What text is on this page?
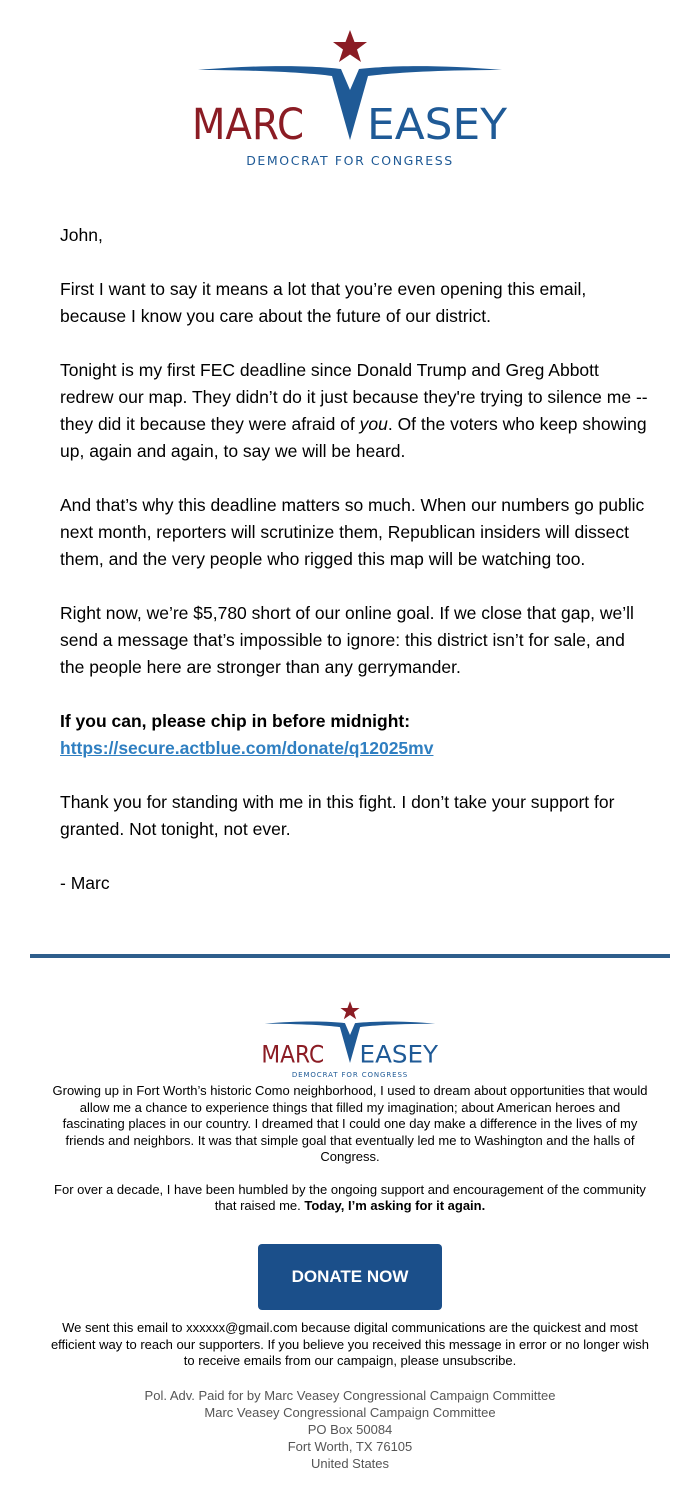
MARC V
EASEY
DEMOCRAT FOR CONGRESS

John,

First I want to say it means a lot that you’re even opening this email, because I know you care about the future of our district.

Tonight is my first FEC deadline since Donald Trump and Greg Abbott redrew our map. They didn’t do it just because they're trying to silence me -- they did it because they were afraid of you. Of the voters who keep showing up, again and again, to say we will be heard.

And that’s why this deadline matters so much. When our numbers go public next month, reporters will scrutinize them, Republican insiders will dissect them, and the very people who rigged this map will be watching too.

Right now, we’re $5,780 short of our online goal. If we close that gap, we’ll send a message that’s impossible to ignore: this district isn’t for sale, and the people here are stronger than any gerrymander.

If you can, please chip in before midnight:
https://secure.actblue.com/donate/q12025mv

Thank you for standing with me in this fight. I don’t take your support for granted. Not tonight, not ever.

- Marc

MARC EASEY
DEMOCRAT FOR CONGRESS

Growing up in Fort Worth’s historic Como neighborhood, I used to dream about opportunities that would allow me a chance to experience things that filled my imagination; about American heroes and fascinating places in our country. I dreamed that I could one day make a difference in the lives of my friends and neighbors. It was that simple goal that eventually led me to Washington and the halls of Congress.

For over a decade, I have been humbled by the ongoing support and encouragement of the community that raised me. Today, I’m asking for it again.

DONATE NOW
We sent this email to xxxxxx@gmail.com because digital communications are the quickest and most efficient way to reach our supporters. If you believe you received this message in error or no longer wish to receive emails from our campaign, please unsubscribe.
Pol. Adv. Paid for by Marc Veasey Congressional Campaign Committee
Marc Veasey Congressional Campaign Committee
PO Box 50084
Fort Worth, TX 76105
United States
